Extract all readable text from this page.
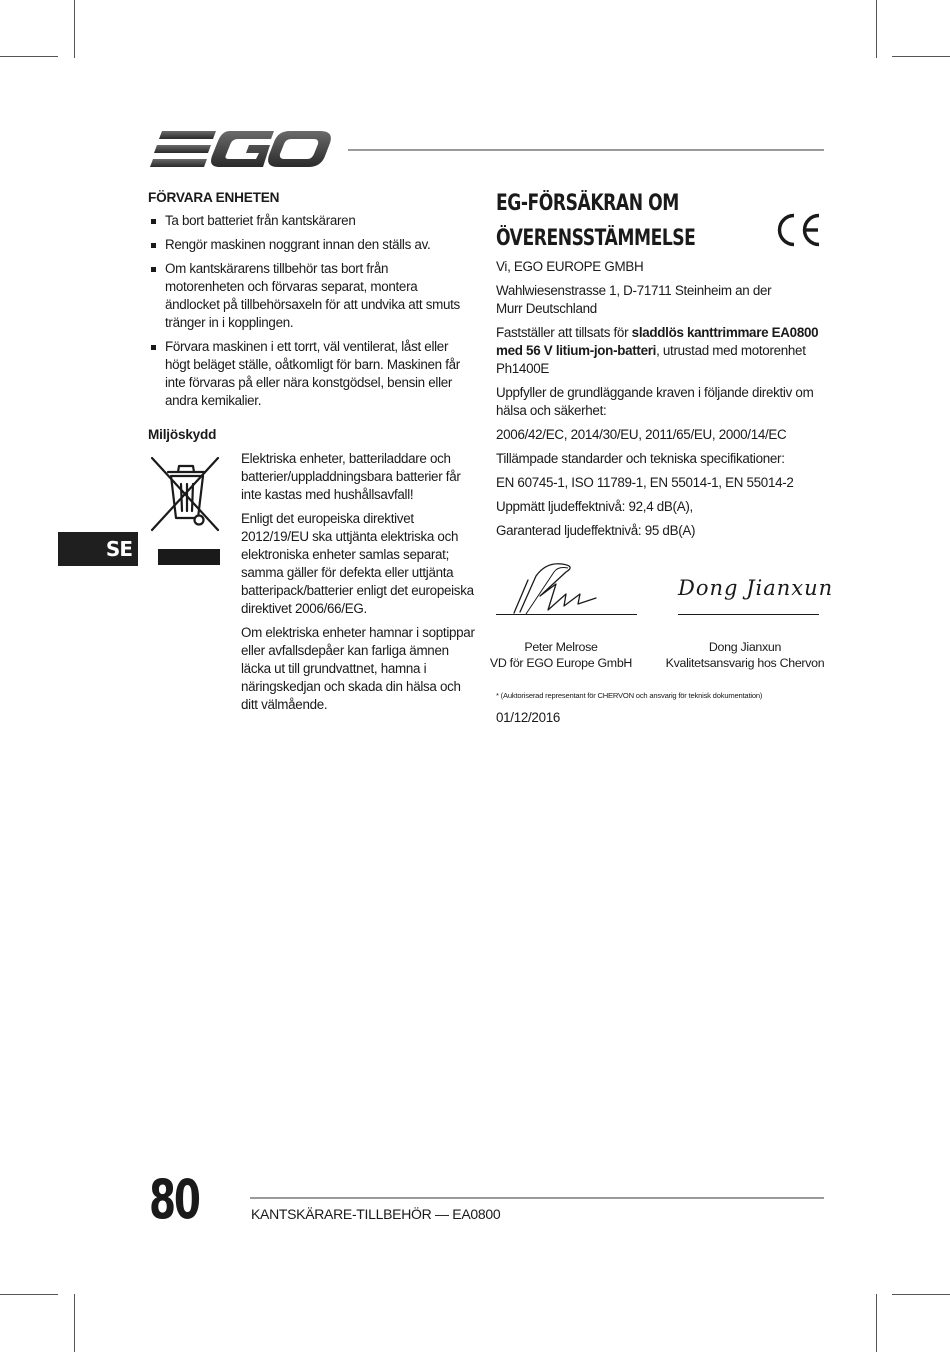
SE
FÖRVARA ENHETEN
Ta bort batteriet från kantskäraren
Rengör maskinen noggrant innan den ställs av.
Om kantskärarens tillbehör tas bort från motorenheten och förvaras separat, montera ändlocket på tillbehörsaxeln för att undvika att smuts tränger in i kopplingen.
Förvara maskinen i ett torrt, väl ventilerat, låst eller högt beläget ställe, oåtkomligt för barn. Maskinen får inte förvaras på eller nära konstgödsel, bensin eller andra kemikalier.
Miljöskydd

Elektriska enheter, batteriladdare och batterier/uppladdningsbara batterier får inte kastas med hushållsavfall!

Enligt det europeiska direktivet 2012/19/EU ska uttjänta elektriska och elektroniska enheter samlas separat; samma gäller för defekta eller uttjänta batteripack/batterier enligt det europeiska direktivet 2006/66/EG.

Om elektriska enheter hamnar i soptippar eller avfallsdepåer kan farliga ämnen läcka ut till grundvattnet, hamna i näringskedjan och skada din hälsa och ditt välmående.

EG-FÖRSÄKRAN OM
ÖVERENSSTÄMMELSE

Vi, EGO EUROPE GMBH

Wahlwiesenstrasse 1, D-71711 Steinheim an der Murr Deutschland

Fastställer att tillsats för sladdlös kanttrimmare EA0800 med 56 V litium-jon-batteri, utrustad med motorenhet Ph1400E

Uppfyller de grundläggande kraven i följande direktiv om hälsa och säkerhet:

2006/42/EC, 2014/30/EU, 2011/65/EU, 2000/14/EC

Tillämpade standarder och tekniska specifikationer:

EN 60745-1, ISO 11789-1, EN 55014-1, EN 55014-2

Uppmätt ljudeffektnivå: 92,4 dB(A),

Garanterad ljudeffektnivå: 95 dB(A)

Dong Jianxun
Peter Melrose
VD för EGO Europe GmbH
Dong Jianxun
Kvalitetsansvarig hos Chervon
* (Auktoriserad representant för CHERVON och ansvarig för teknisk dokumentation)
01/12/2016
80	KANTSKÄRARE-TILLBEHÖR — EA0800
